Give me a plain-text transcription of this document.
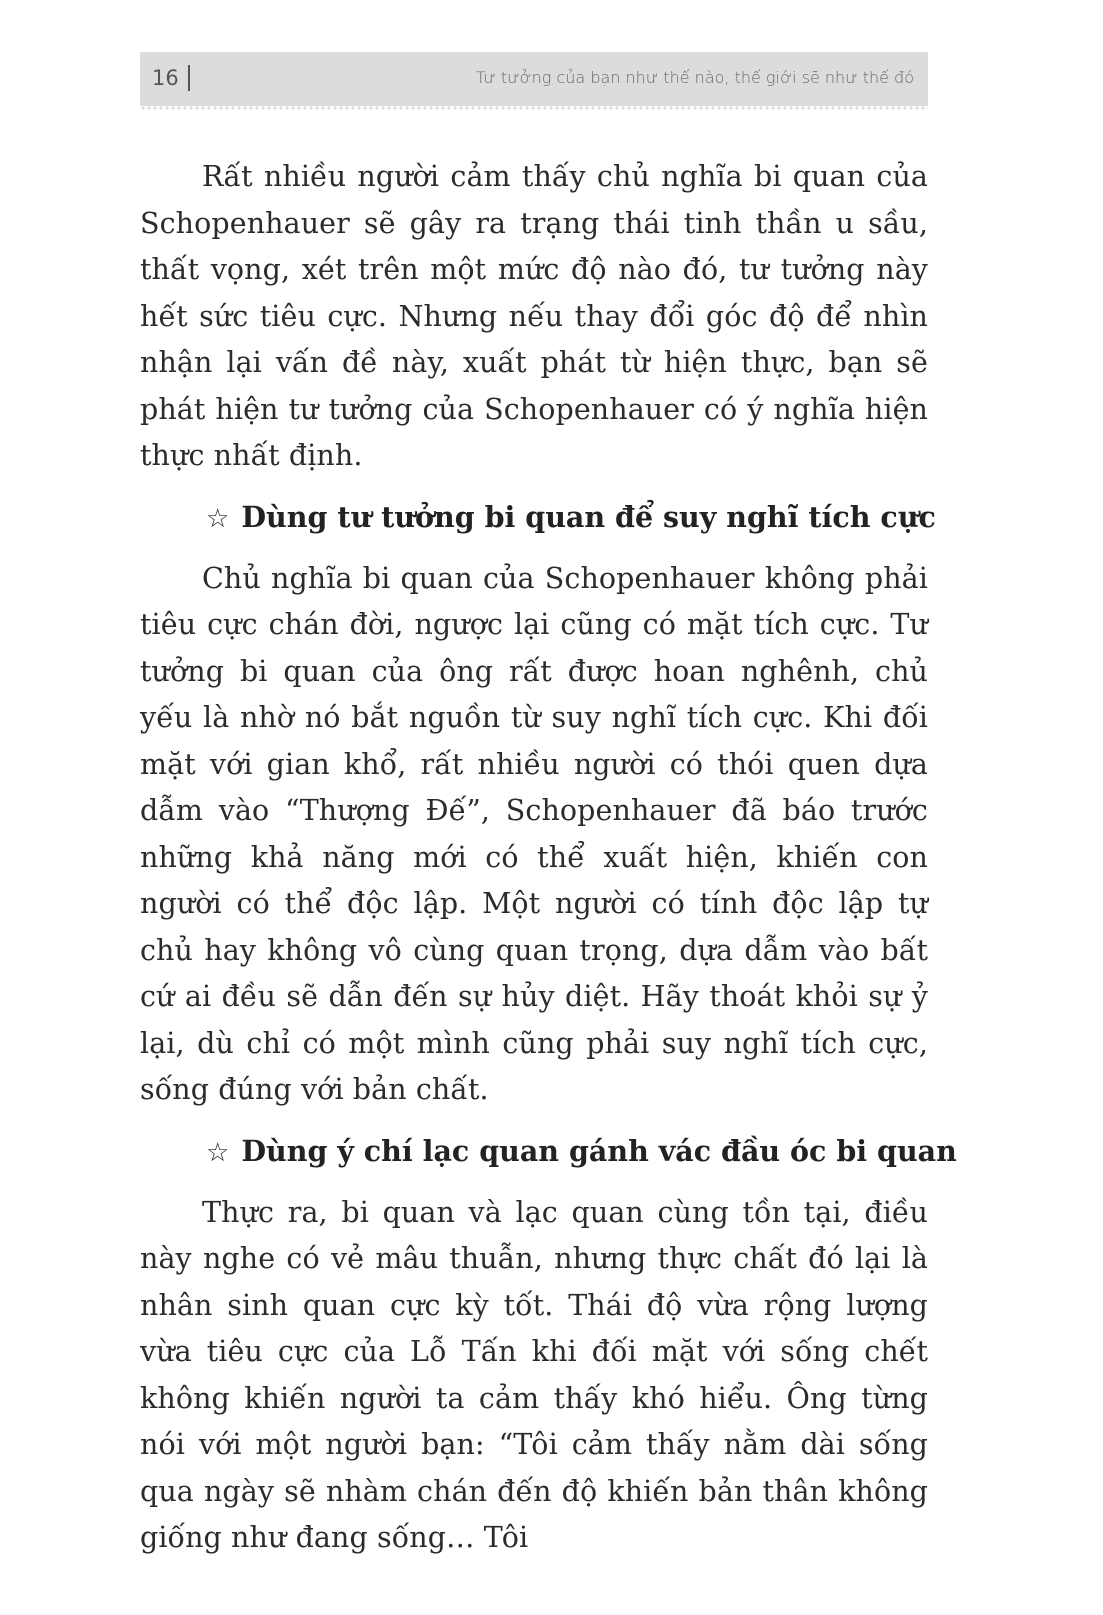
16	Tư tưởng của bạn như thế nào, thế giới sẽ như thế đó

Rất nhiều người cảm thấy chủ nghĩa bi quan của Schopenhauer sẽ gây ra trạng thái tinh thần u sầu, thất vọng, xét trên một mức độ nào đó, tư tưởng này hết sức tiêu cực. Nhưng nếu thay đổi góc độ để nhìn nhận lại vấn đề này, xuất phát từ hiện thực, bạn sẽ phát hiện tư tưởng của Schopenhauer có ý nghĩa hiện thực nhất định.

☆ Dùng tư tưởng bi quan để suy nghĩ tích cực

Chủ nghĩa bi quan của Schopenhauer không phải tiêu cực chán đời, ngược lại cũng có mặt tích cực. Tư tưởng bi quan của ông rất được hoan nghênh, chủ yếu là nhờ nó bắt nguồn từ suy nghĩ tích cực. Khi đối mặt với gian khổ, rất nhiều người có thói quen dựa dẫm vào “Thượng Đế”, Schopenhauer đã báo trước những khả năng mới có thể xuất hiện, khiến con người có thể độc lập. Một người có tính độc lập tự chủ hay không vô cùng quan trọng, dựa dẫm vào bất cứ ai đều sẽ dẫn đến sự hủy diệt. Hãy thoát khỏi sự ỷ lại, dù chỉ có một mình cũng phải suy nghĩ tích cực, sống đúng với bản chất.

☆ Dùng ý chí lạc quan gánh vác đầu óc bi quan

Thực ra, bi quan và lạc quan cùng tồn tại, điều này nghe có vẻ mâu thuẫn, nhưng thực chất đó lại là nhân sinh quan cực kỳ tốt. Thái độ vừa rộng lượng vừa tiêu cực của Lỗ Tấn khi đối mặt với sống chết không khiến người ta cảm thấy khó hiểu. Ông từng nói với một người bạn: “Tôi cảm thấy nằm dài sống qua ngày sẽ nhàm chán đến độ khiến bản thân không giống như đang sống… Tôi
